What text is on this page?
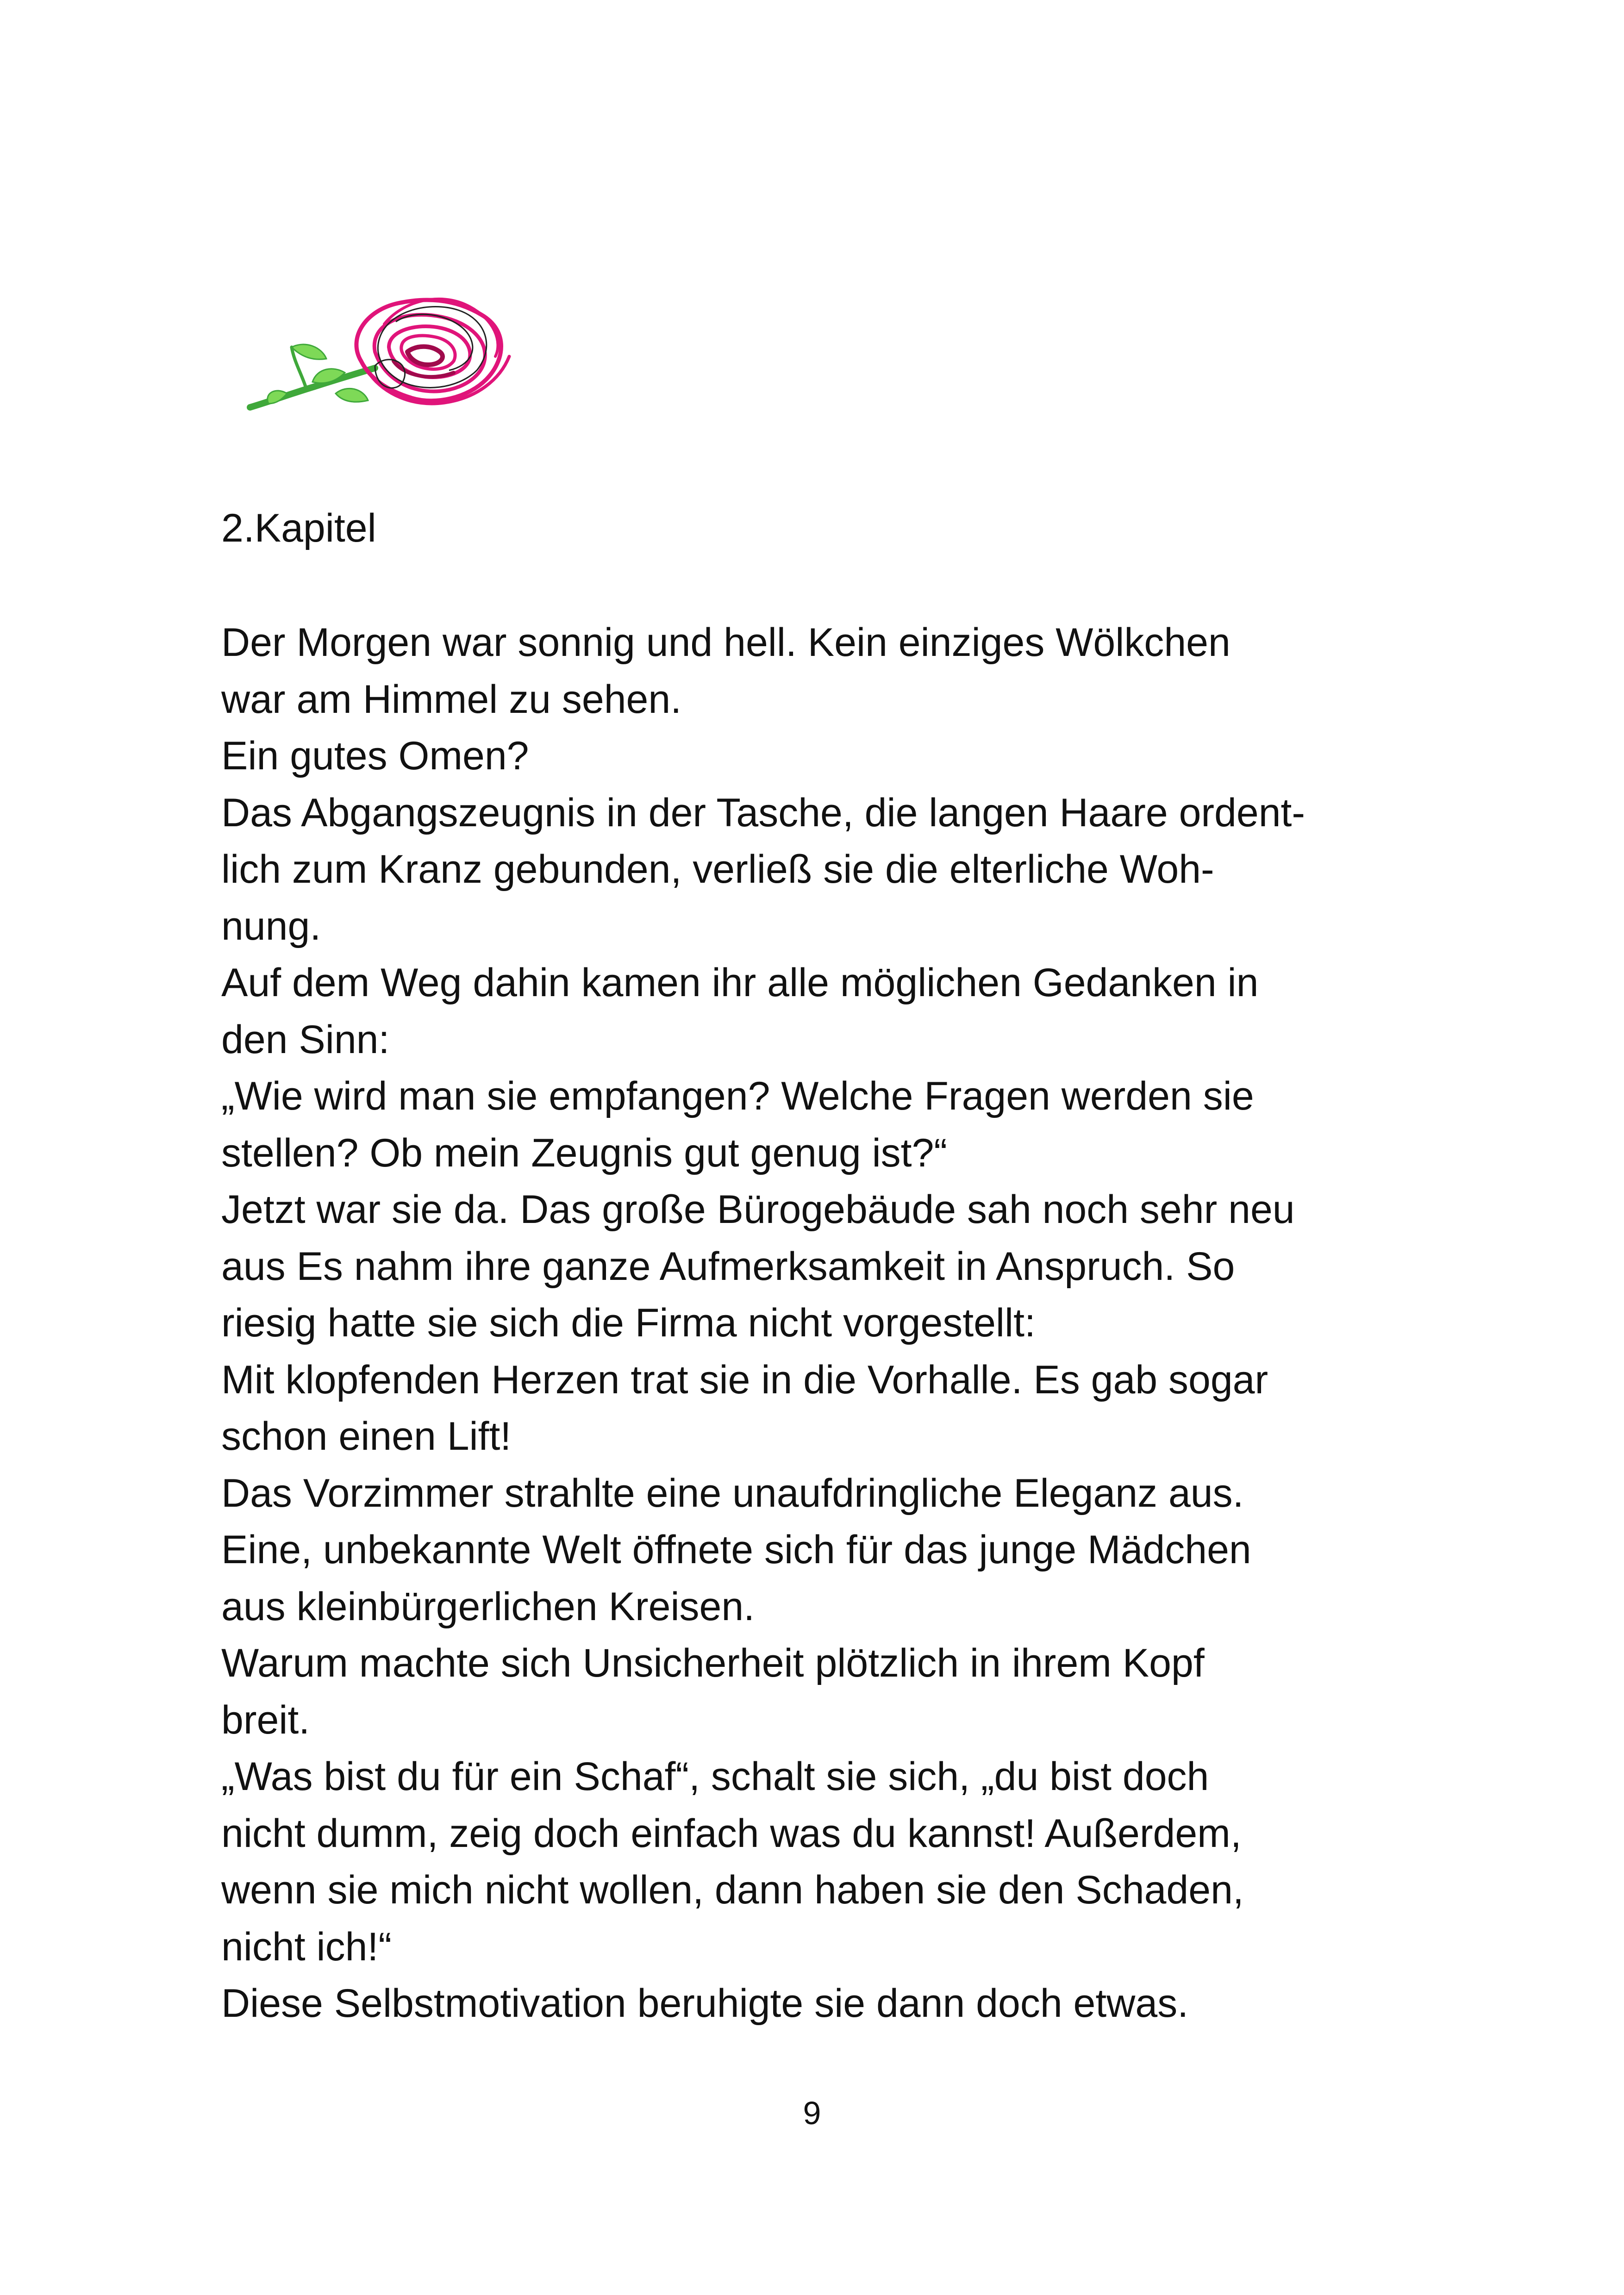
2.Kapitel
Der Morgen war sonnig und hell. Kein einziges Wölkchen
war am Himmel zu sehen.
Ein gutes Omen?
Das Abgangszeugnis in der Tasche, die langen Haare ordent-
lich zum Kranz gebunden, verließ sie die elterliche Woh-
nung.
Auf dem Weg dahin kamen ihr alle möglichen Gedanken in
den Sinn:
„Wie wird man sie empfangen? Welche Fragen werden sie
stellen? Ob mein Zeugnis gut genug ist?“
Jetzt war sie da. Das große Bürogebäude sah noch sehr neu
aus Es nahm ihre ganze Aufmerksamkeit in Anspruch. So
riesig hatte sie sich die Firma nicht vorgestellt:
Mit klopfenden Herzen trat sie in die Vorhalle. Es gab sogar
schon einen Lift!
Das Vorzimmer strahlte eine unaufdringliche Eleganz aus.
Eine, unbekannte Welt öffnete sich für das junge Mädchen
aus kleinbürgerlichen Kreisen.
Warum machte sich Unsicherheit plötzlich in ihrem Kopf
breit.
„Was bist du für ein Schaf“, schalt sie sich, „du bist doch
nicht dumm, zeig doch einfach was du kannst! Außerdem,
wenn sie mich nicht wollen, dann haben sie den Schaden,
nicht ich!“
Diese Selbstmotivation beruhigte sie dann doch etwas.
9
